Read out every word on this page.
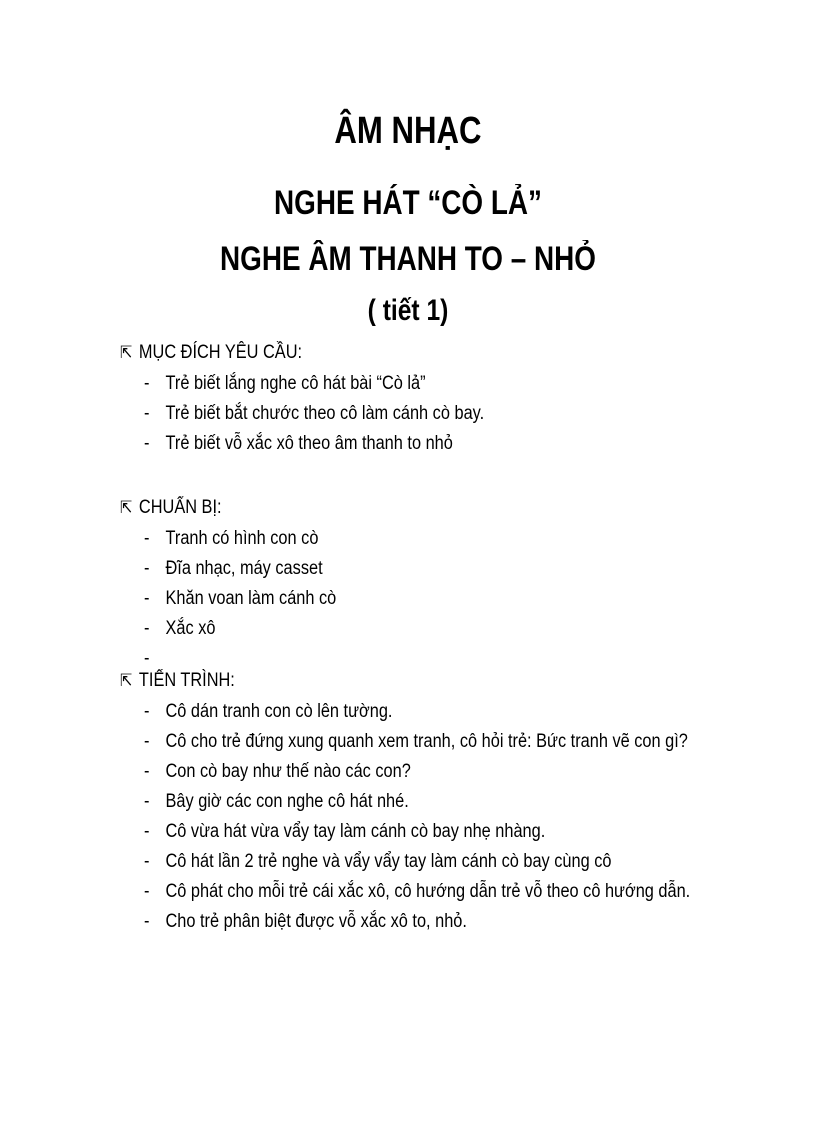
ÂM NHẠC
NGHE HÁT “CÒ LẢ”
NGHE ÂM THANH TO – NHỎ
( tiết 1)
⇱ MỤC ĐÍCH YÊU CẦU:
- Trẻ biết lắng nghe cô hát bài “Cò lả”
- Trẻ biết bắt chước theo cô làm cánh cò bay.
- Trẻ biết vỗ xắc xô theo âm thanh to nhỏ
⇱ CHUẨN BỊ:
- Tranh có hình con cò
- Đĩa nhạc, máy casset
- Khăn voan làm cánh cò
- Xắc xô
-
⇱ TIẾN TRÌNH:
- Cô dán tranh con cò lên tường.
- Cô cho trẻ đứng xung quanh xem tranh, cô hỏi trẻ: Bức tranh vẽ con gì?
- Con cò bay như thế nào các con?
- Bây giờ các con nghe cô hát nhé.
- Cô vừa hát vừa vẩy tay làm cánh cò bay nhẹ nhàng.
- Cô hát lần 2 trẻ nghe và vẩy vẩy tay làm cánh cò bay cùng cô
- Cô phát cho mỗi trẻ cái xắc xô, cô hướng dẫn trẻ vỗ theo cô hướng dẫn.
- Cho trẻ phân biệt được vỗ xắc xô to, nhỏ.
